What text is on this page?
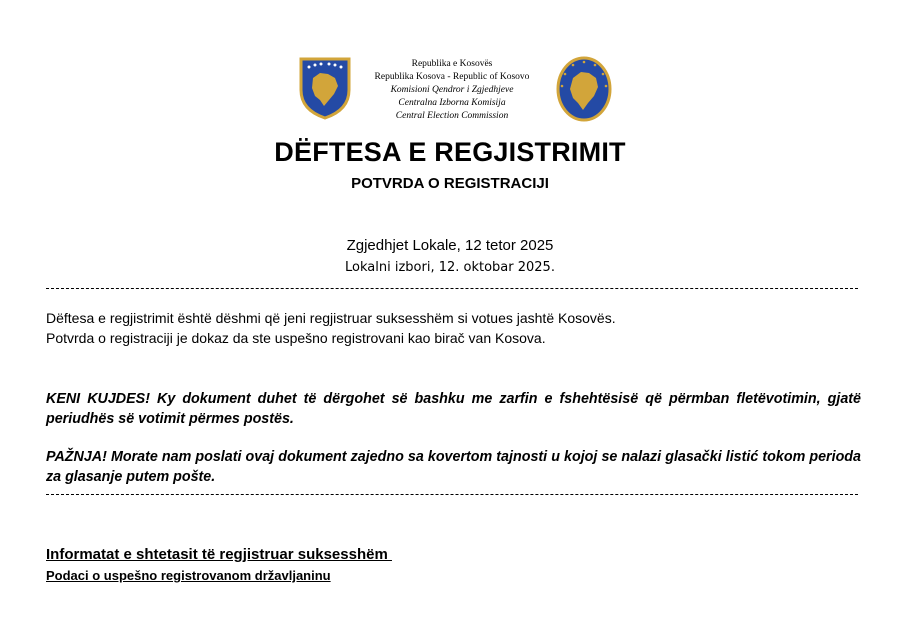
Republika e Kosovës
Republika Kosova - Republic of Kosovo
Komisioni Qendror i Zgjedhjeve
Centralna Izborna Komisija
Central Election Commission
DËFTESA E REGJISTRIMIT
POTVRDA O REGISTRACIJI
Zgjedhjet Lokale, 12 tetor 2025
Lokalni izbori, 12. oktobar 2025.
Dëftesa e regjistrimit është dëshmi që jeni regjistruar suksesshëm si votues jashtë Kosovës.
Potvrda o registraciji je dokaz da ste uspešno registrovani kao birač van Kosova.
KENI KUJDES! Ky dokument duhet të dërgohet së bashku me zarfin e fshehtësisë që përmban fletëvotimin, gjatë periudhës së votimit përmes postës.
PAŽNJA! Morate nam poslati ovaj dokument zajedno sa kovertom tajnosti u kojoj se nalazi glasački listić tokom perioda za glasanje putem pošte.
Informatat e shtetasit të regjistruar suksesshëm
Podaci o uspešno registrovanom državljaninu
